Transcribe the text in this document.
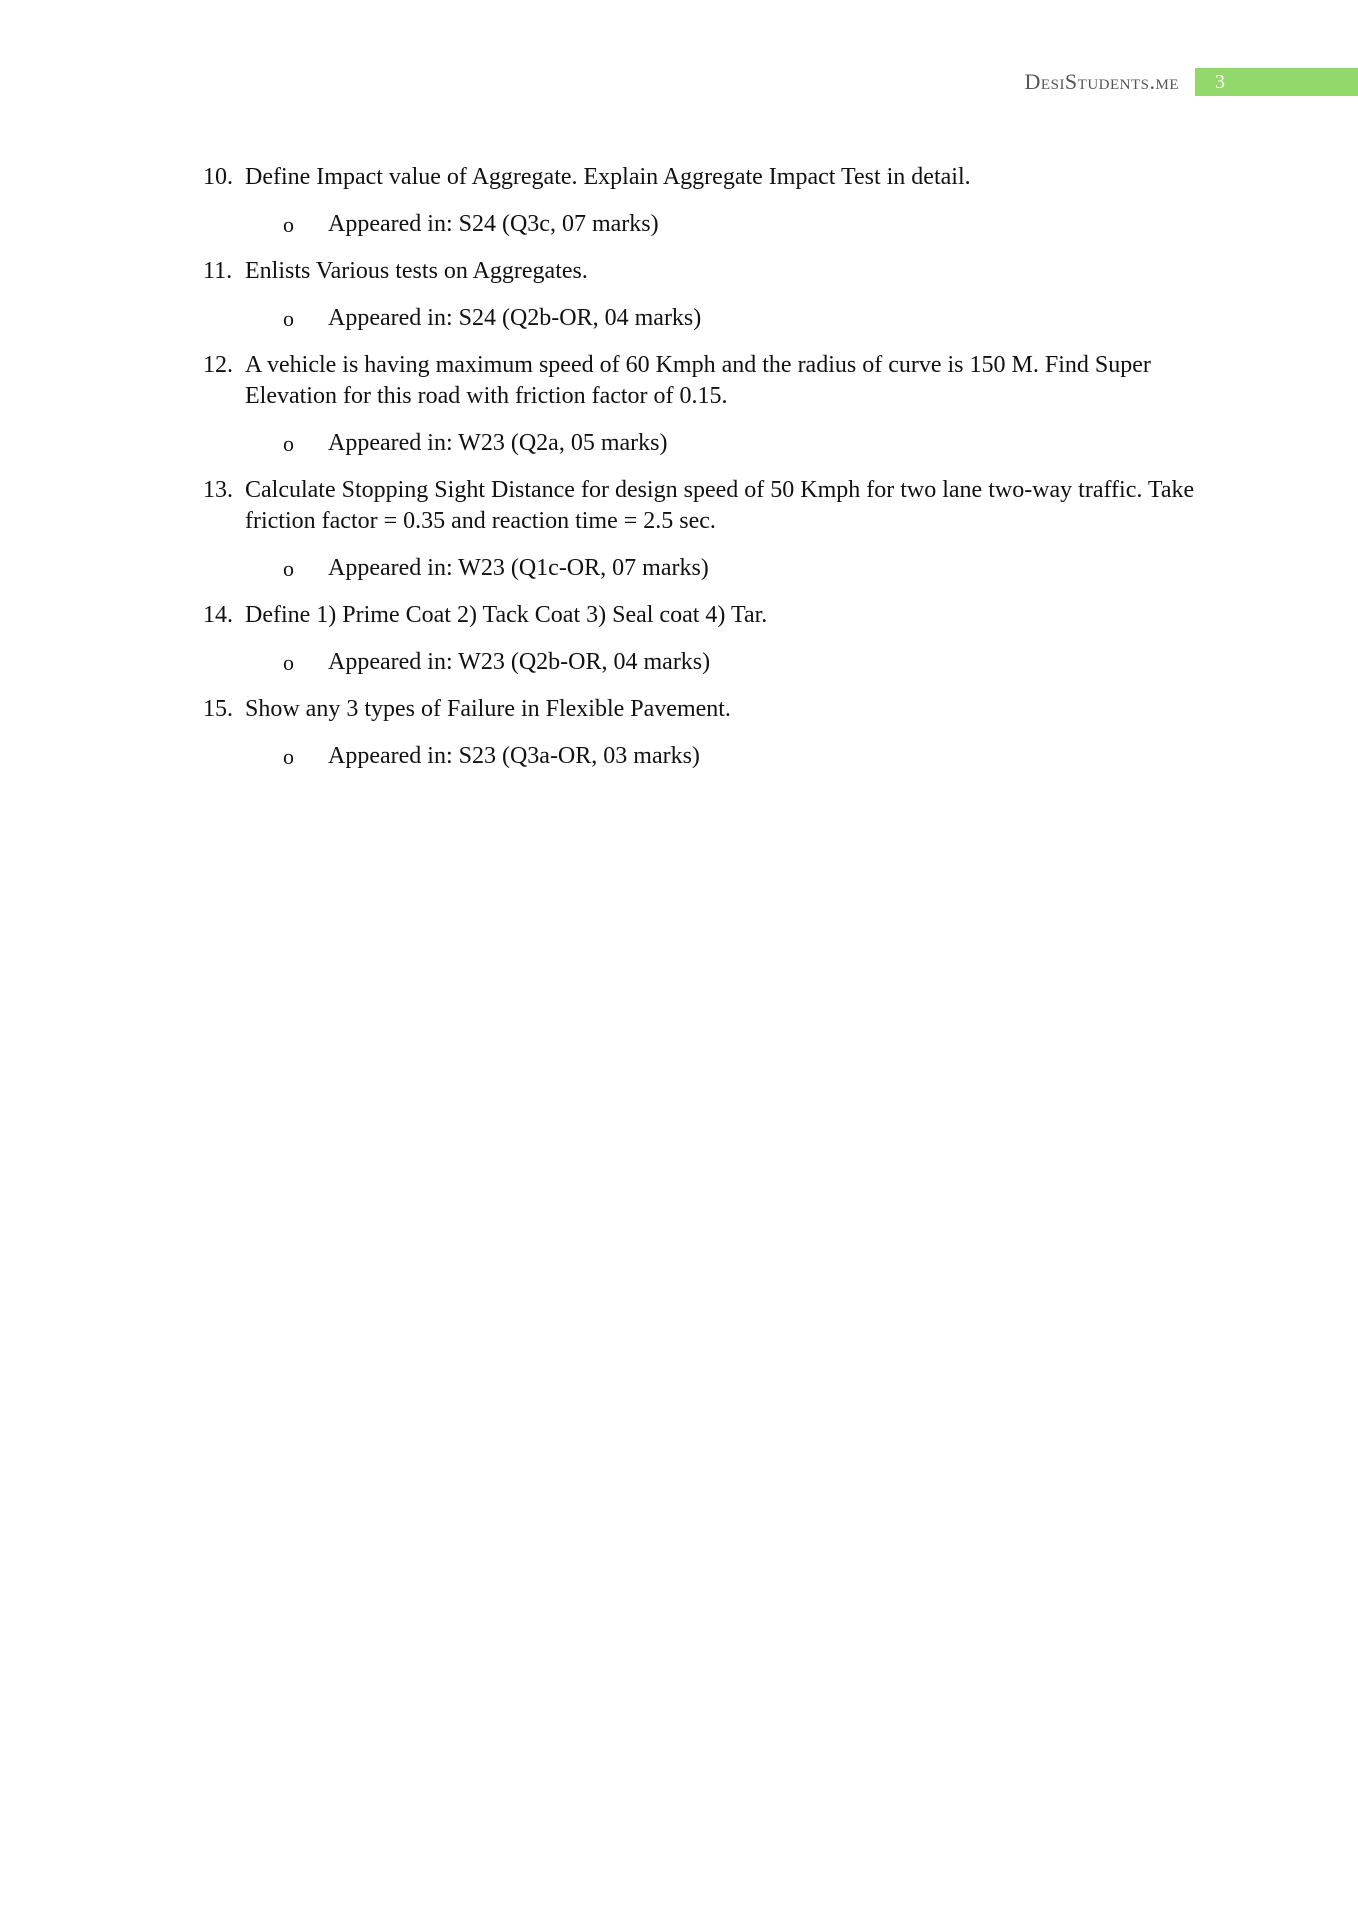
DesiStudents.me	3
10. Define Impact value of Aggregate. Explain Aggregate Impact Test in detail.
o	Appeared in: S24 (Q3c, 07 marks)
11. Enlists Various tests on Aggregates.
o	Appeared in: S24 (Q2b-OR, 04 marks)
12. A vehicle is having maximum speed of 60 Kmph and the radius of curve is 150 M. Find Super Elevation for this road with friction factor of 0.15.
o	Appeared in: W23 (Q2a, 05 marks)
13. Calculate Stopping Sight Distance for design speed of 50 Kmph for two lane two-way traffic. Take friction factor = 0.35 and reaction time = 2.5 sec.
o	Appeared in: W23 (Q1c-OR, 07 marks)
14. Define 1) Prime Coat 2) Tack Coat 3) Seal coat 4) Tar.
o	Appeared in: W23 (Q2b-OR, 04 marks)
15. Show any 3 types of Failure in Flexible Pavement.
o	Appeared in: S23 (Q3a-OR, 03 marks)
